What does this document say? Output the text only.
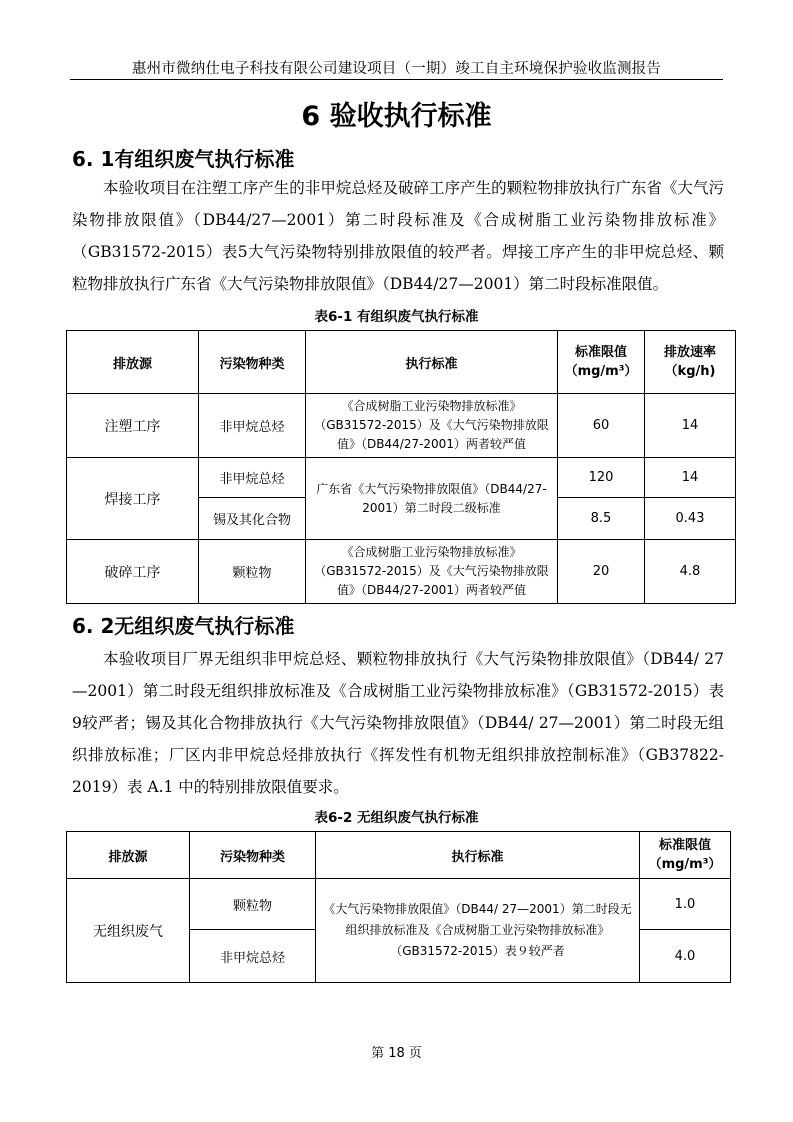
惠州市微纳仕电子科技有限公司建设项目（一期）竣工自主环境保护验收监测报告
6 验收执行标准
6. 1有组织废气执行标准

本验收项目在注塑工序产生的非甲烷总烃及破碎工序产生的颗粒物排放执行广东省《大气污染物排放限值》（DB44/27—2001）第二时段标准及《合成树脂工业污染物排放标准》（GB31572-2015）表5大气污染物特别排放限值的较严者。焊接工序产生的非甲烷总烃、颗粒物排放执行广东省《大气污染物排放限值》（DB44/27—2001）第二时段标准限值。

表6-1 有组织废气执行标准
排放源	污染物种类	执行标准	标准限值
（mg/m³）	排放速率
（kg/h)
注塑工序	非甲烷总烃	《合成树脂工业污染物排放标准》（GB31572-2015）及《大气污染物排放限值》（DB44/27-2001）两者较严值	60	14
焊接工序	非甲烷总烃	广东省《大气污染物排放限值》（DB44/27-2001）第二时段二级标准	120	14
	锡及其化合物		8.5	0.43
破碎工序	颗粒物	《合成树脂工业污染物排放标准》（GB31572-2015）及《大气污染物排放限值》（DB44/27-2001）两者较严值	20	4.8
6. 2无组织废气执行标准

本验收项目厂界无组织非甲烷总烃、颗粒物排放执行《大气污染物排放限值》（DB44/ 27—2001）第二时段无组织排放标准及《合成树脂工业污染物排放标准》（GB31572-2015）表9较严者；锡及其化合物排放执行《大气污染物排放限值》（DB44/ 27—2001）第二时段无组织排放标准；厂区内非甲烷总烃排放执行《挥发性有机物无组织排放控制标准》（GB37822-2019）表 A.1 中的特别排放限值要求。

表6-2 无组织废气执行标准
排放源	污染物种类	执行标准	标准限值
（mg/m³）
无组织废气	颗粒物	《大气污染物排放限值》（DB44/ 27—2001）第二时段无组织排放标准及《合成树脂工业污染物排放标准》（GB31572-2015）表９较严者	1.0
	非甲烷总烃		4.0
第 18 页
